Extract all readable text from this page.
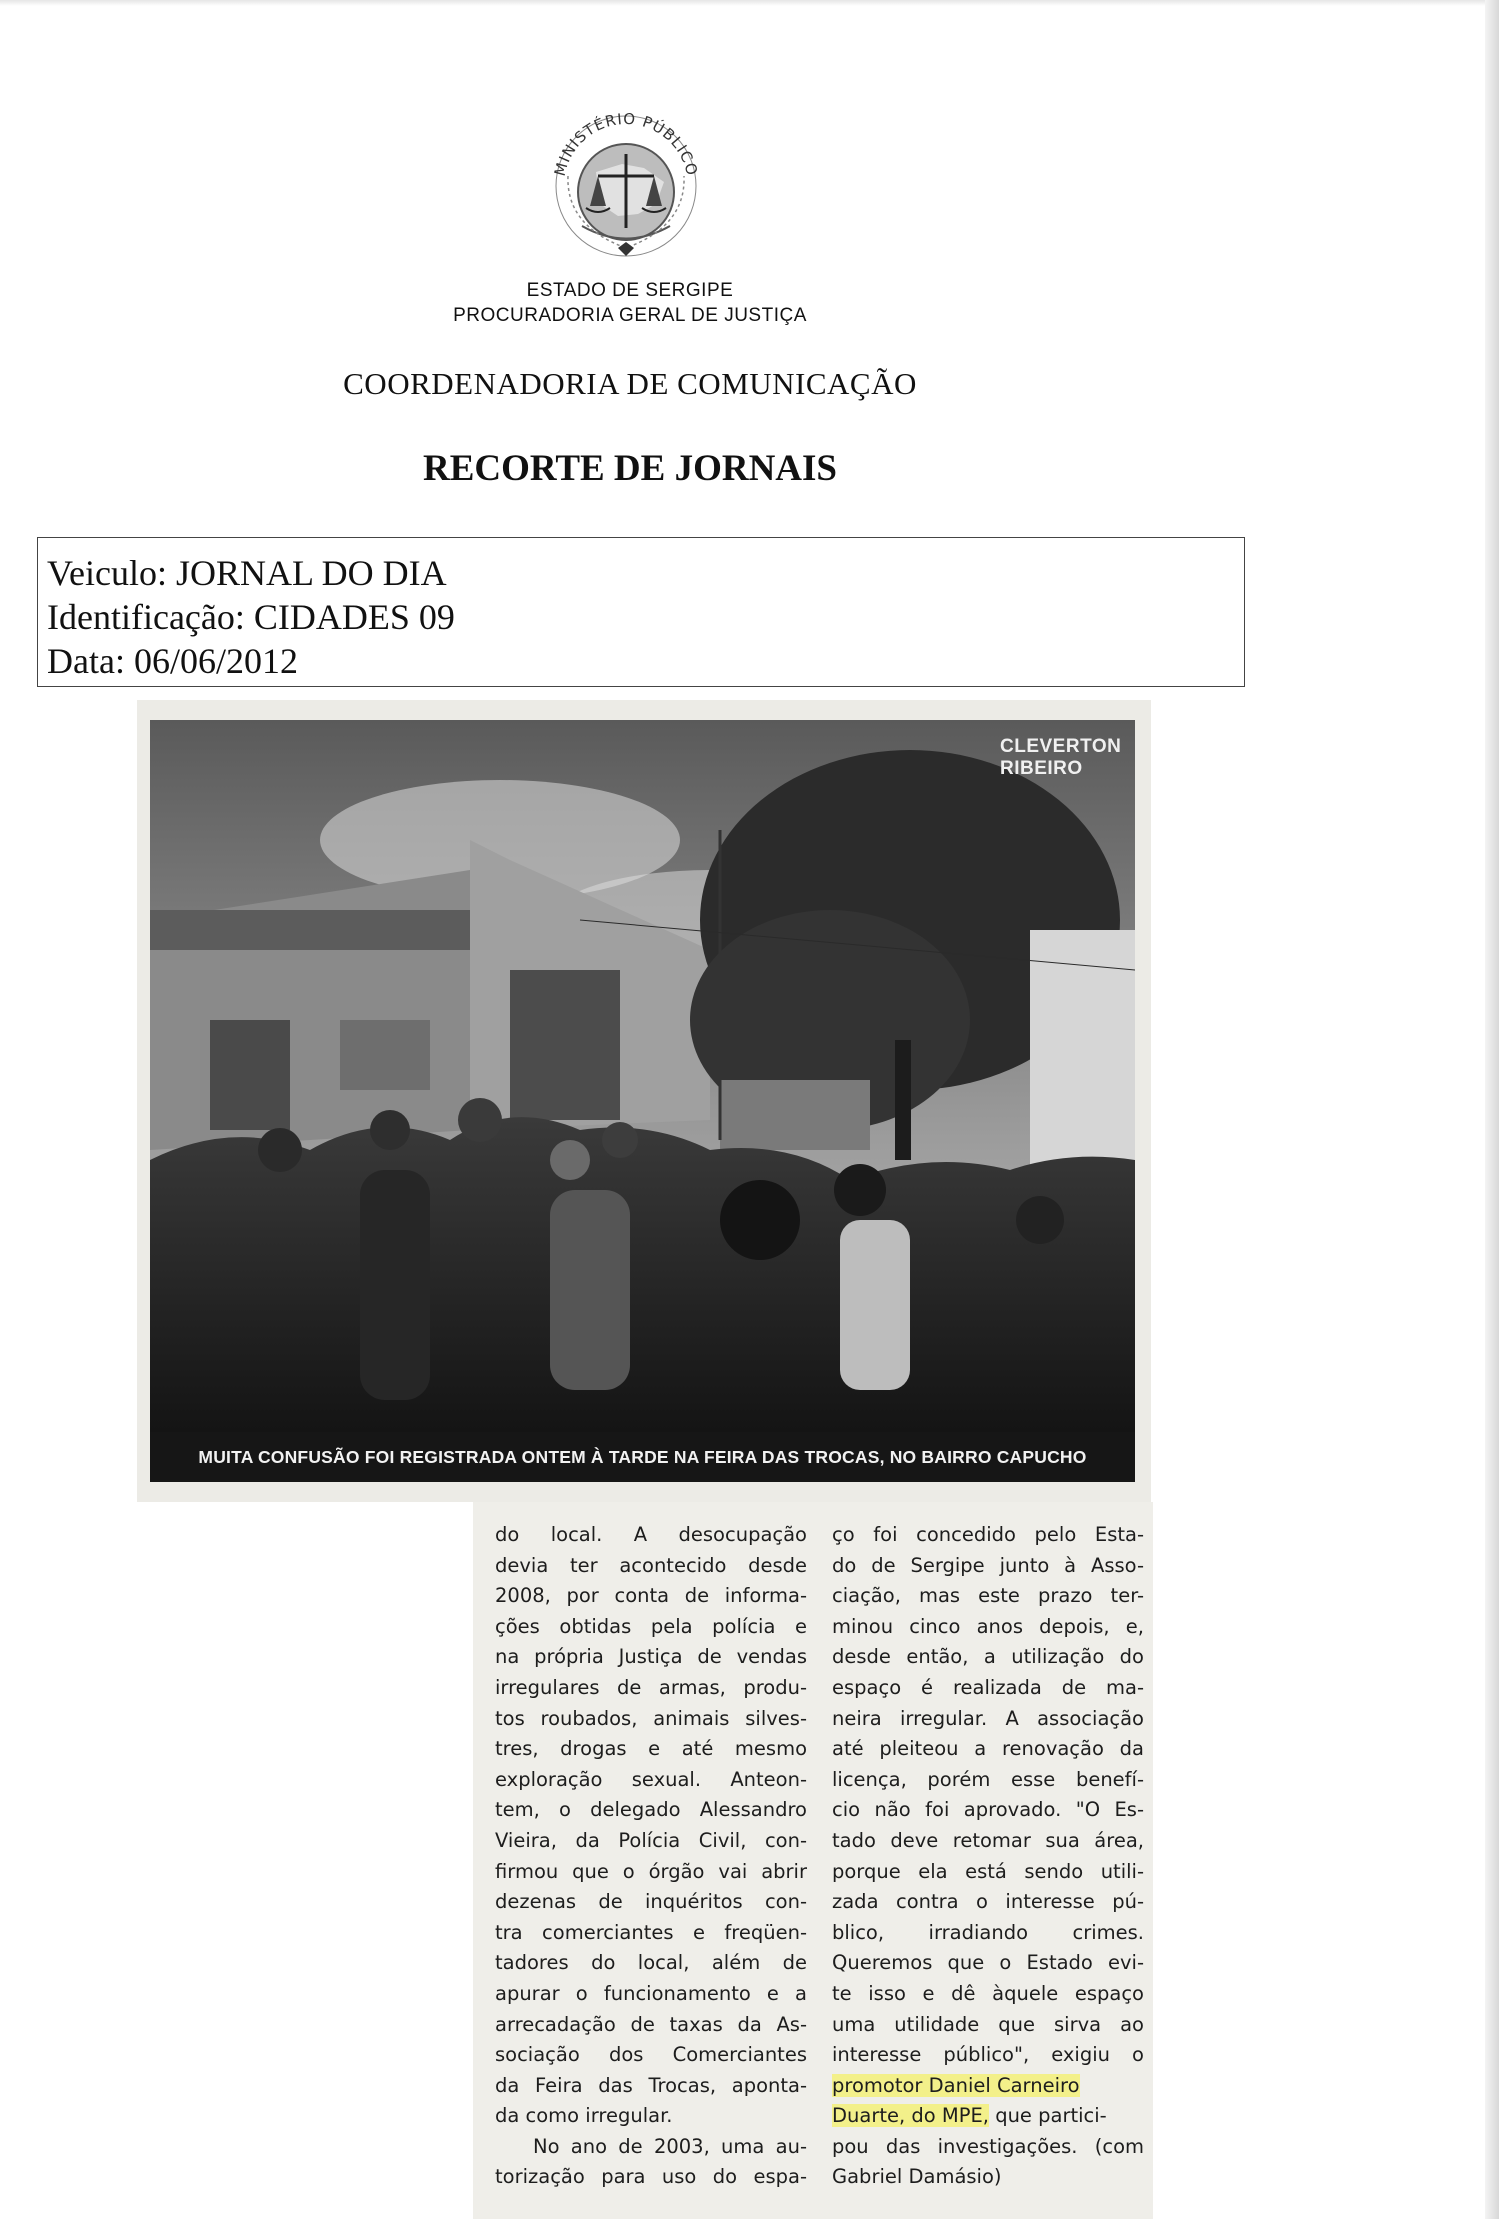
MINISTÉRIO PÚBLICO
ESTADO DE SERGIPE
PROCURADORIA GERAL DE JUSTIÇA
COORDENADORIA DE COMUNICAÇÃO
RECORTE DE JORNAIS
Veiculo: JORNAL DO DIA
Identificação: CIDADES 09
Data: 06/06/2012
CLEVERTON RIBEIRO
MUITA CONFUSÃO FOI REGISTRADA ONTEM À TARDE NA FEIRA DAS TROCAS, NO BAIRRO CAPUCHO
do local. A desocupação
devia ter acontecido desde
2008, por conta de informa-
ções obtidas pela polícia e
na própria Justiça de vendas
irregulares de armas, produ-
tos roubados, animais silves-
tres, drogas e até mesmo
exploração sexual. Anteon-
tem, o delegado Alessandro
Vieira, da Polícia Civil, con-
firmou que o órgão vai abrir
dezenas de inquéritos con-
tra comerciantes e freqüen-
tadores do local, além de
apurar o funcionamento e a
arrecadação de taxas da As-
sociação dos Comerciantes
da Feira das Trocas, aponta-
da como irregular.
No ano de 2003, uma au-
torização para uso do espa-
ço foi concedido pelo Esta-
do de Sergipe junto à Asso-
ciação, mas este prazo ter-
minou cinco anos depois, e,
desde então, a utilização do
espaço é realizada de ma-
neira irregular. A associação
até pleiteou a renovação da
licença, porém esse benefí-
cio não foi aprovado. "O Es-
tado deve retomar sua área,
porque ela está sendo utili-
zada contra o interesse pú-
blico, irradiando crimes.
Queremos que o Estado evi-
te isso e dê àquele espaço
uma utilidade que sirva ao
interesse público", exigiu o
promotor Daniel Carneiro
Duarte, do MPE, que partici-
pou das investigações. (com
Gabriel Damásio)
